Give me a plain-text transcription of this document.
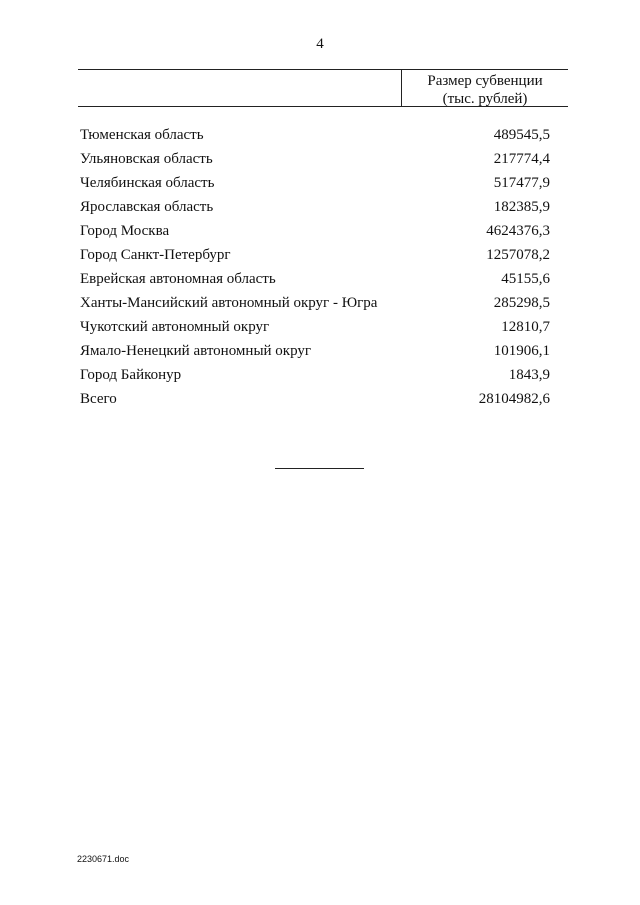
4
Размер субвенции
(тыс. рублей)
Тюменская область	489545,5
Ульяновская область	217774,4
Челябинская область	517477,9
Ярославская область	182385,9
Город Москва	4624376,3
Город Санкт-Петербург	1257078,2
Еврейская автономная область	45155,6
Ханты-Мансийский автономный округ - Югра	285298,5
Чукотский автономный округ	12810,7
Ямало-Ненецкий автономный округ	101906,1
Город Байконур	1843,9
Всего	28104982,6
2230671.doc
